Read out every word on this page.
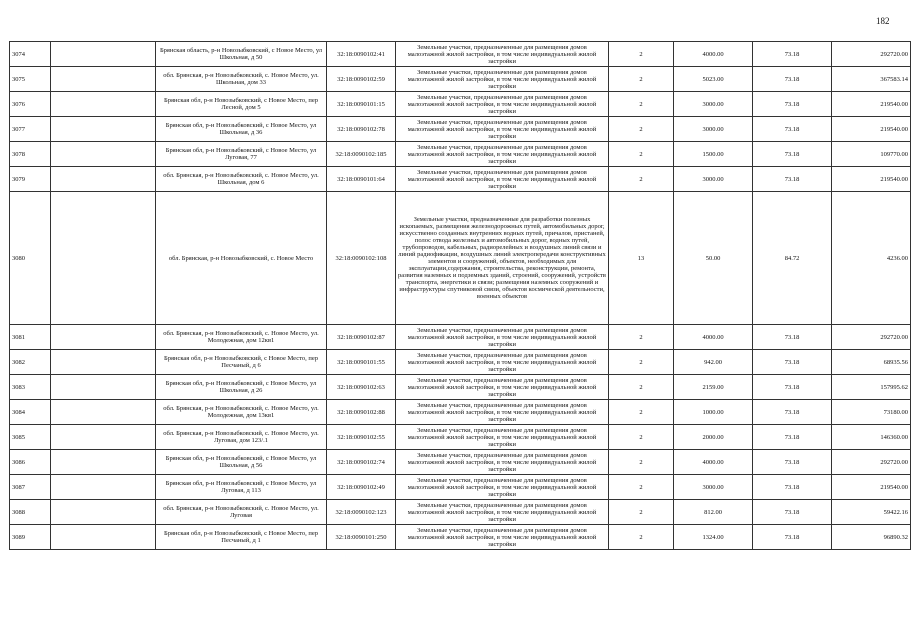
182
3074		Брянская область, р-н Новозыбковский, с Новое Место, ул Школьная, д 50	32:18:0090102:41	Земельные участки, предназначенные для размещения домов малоэтажной жилой застройки, в том числе индивидуальной жилой застройки	2	4000.00	73.18	292720.00
3075		обл. Брянская, р-н Новозыбковский, с. Новое Место, ул. Школьная, дом 33	32:18:0090102:59	Земельные участки, предназначенные для размещения домов малоэтажной жилой застройки, в том числе индивидуальной жилой застройки	2	5023.00	73.18	367583.14
3076		Брянская обл, р-н Новозыбковский, с Новое Место, пер Лесной, дом 5	32:18:0090101:15	Земельные участки, предназначенные для размещения домов малоэтажной жилой застройки, в том числе индивидуальной жилой застройки	2	3000.00	73.18	219540.00
3077		Брянская обл, р-н Новозыбковский, с Новое Место, ул Школьная, д 36	32:18:0090102:78	Земельные участки, предназначенные для размещения домов малоэтажной жилой застройки, в том числе индивидуальной жилой застройки	2	3000.00	73.18	219540.00
3078		Брянская обл, р-н Новозыбковский, с Новое Место, ул Луговая, 77	32:18:0090102:185	Земельные участки, предназначенные для размещения домов малоэтажной жилой застройки, в том числе индивидуальной жилой застройки	2	1500.00	73.18	109770.00
3079		обл. Брянская, р-н Новозыбковский, с. Новое Место, ул. Школьная, дом 6	32:18:0090101:64	Земельные участки, предназначенные для размещения домов малоэтажной жилой застройки, в том числе индивидуальной жилой застройки	2	3000.00	73.18	219540.00
3080		обл. Брянская, р-н Новозыбковский, с. Новое Место	32:18:0090102:108	Земельные участки, предназначенные для разработки полезных ископаемых, размещения железнодорожных путей, автомобильных дорог, искусственно созданных внутренних водных путей, причалов, пристаней, полос отвода железных и автомобильных дорог, водных путей, трубопроводов, кабельных, радиорелейных и воздушных линий связи и линий радиофикации, воздушных линий электропередачи конструктивных элементов и сооружений, объектов, необходимых для эксплуатации,содержания, строительства, реконструкции, ремонта, развития наземных и подземных зданий, строений, сооружений, устройств транспорта, энергетики и связи; размещения наземных сооружений и инфраструктуры спутниковой связи, объектов космической деятельности, военных объектов	13	50.00	84.72	4236.00
3081		обл. Брянская, р-н Новозыбковский, с. Новое Место, ул. Молодежная, дом 12кв1	32:18:0090102:87	Земельные участки, предназначенные для размещения домов малоэтажной жилой застройки, в том числе индивидуальной жилой застройки	2	4000.00	73.18	292720.00
3082		Брянская обл, р-н Новозыбковский, с Новое Место, пер Песчаный, д 6	32:18:0090101:55	Земельные участки, предназначенные для размещения домов малоэтажной жилой застройки, в том числе индивидуальной жилой застройки	2	942.00	73.18	68935.56
3083		Брянская обл, р-н Новозыбковский, с Новое Место, ул Школьная, д 26	32:18:0090102:63	Земельные участки, предназначенные для размещения домов малоэтажной жилой застройки, в том числе индивидуальной жилой застройки	2	2159.00	73.18	157995.62
3084		обл. Брянская, р-н Новозыбковский, с. Новое Место, ул. Молодежная, дом 13кв1	32:18:0090102:88	Земельные участки, предназначенные для размещения домов малоэтажной жилой застройки, в том числе индивидуальной жилой застройки	2	1000.00	73.18	73180.00
3085		обл. Брянская, р-н Новозыбковский, с. Новое Место, ул. Луговая, дом 123/.1	32:18:0090102:55	Земельные участки, предназначенные для размещения домов малоэтажной жилой застройки, в том числе индивидуальной жилой застройки	2	2000.00	73.18	146360.00
3086		Брянская обл, р-н Новозыбковский, с Новое Место, ул Школьная, д 56	32:18:0090102:74	Земельные участки, предназначенные для размещения домов малоэтажной жилой застройки, в том числе индивидуальной жилой застройки	2	4000.00	73.18	292720.00
3087		Брянская обл, р-н Новозыбковский, с Новое Место, ул Луговая, д 113	32:18:0090102:49	Земельные участки, предназначенные для размещения домов малоэтажной жилой застройки, в том числе индивидуальной жилой застройки	2	3000.00	73.18	219540.00
3088		обл. Брянская, р-н Новозыбковский, с. Новое Место, ул. Луговая	32:18:0090102:123	Земельные участки, предназначенные для размещения домов малоэтажной жилой застройки, в том числе индивидуальной жилой застройки	2	812.00	73.18	59422.16
3089		Брянская обл, р-н Новозыбковский, с Новое Место, пер Песчаный, д 1	32:18:0090101:250	Земельные участки, предназначенные для размещения домов малоэтажной жилой застройки, в том числе индивидуальной жилой застройки	2	1324.00	73.18	96890.32
